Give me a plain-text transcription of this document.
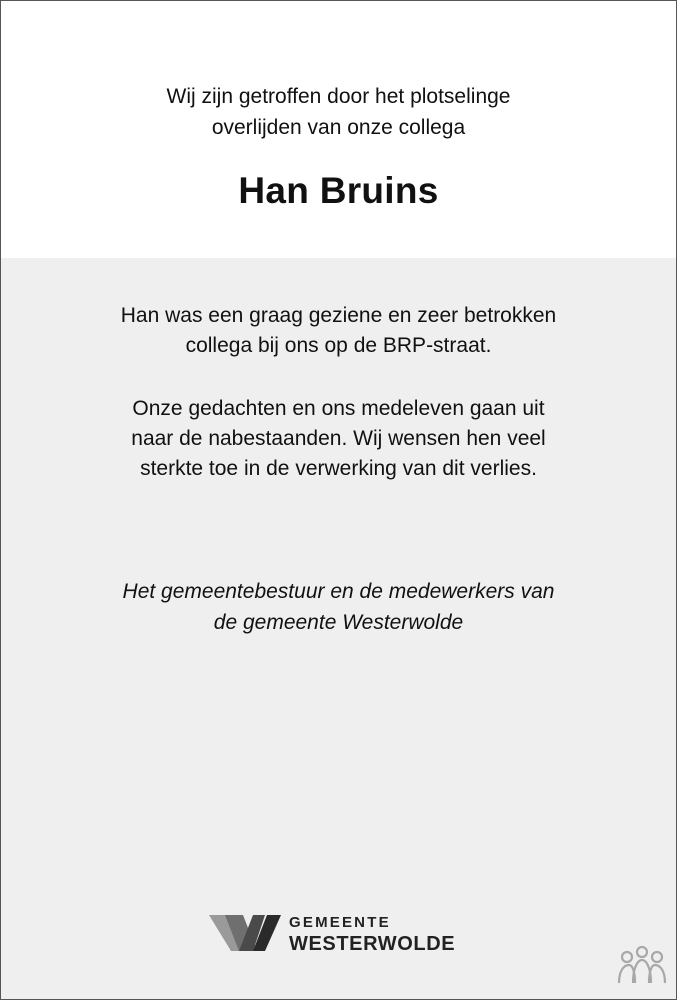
Wij zijn getroffen door het plotselinge
overlijden van onze collega
Han Bruins
Han was een graag geziene en zeer betrokken
collega bij ons op de BRP-straat.
Onze gedachten en ons medeleven gaan uit
naar de nabestaanden. Wij wensen hen veel
sterkte toe in de verwerking van dit verlies.
Het gemeentebestuur en de medewerkers van
de gemeente Westerwolde
GEMEENTE
WESTERWOLDE
